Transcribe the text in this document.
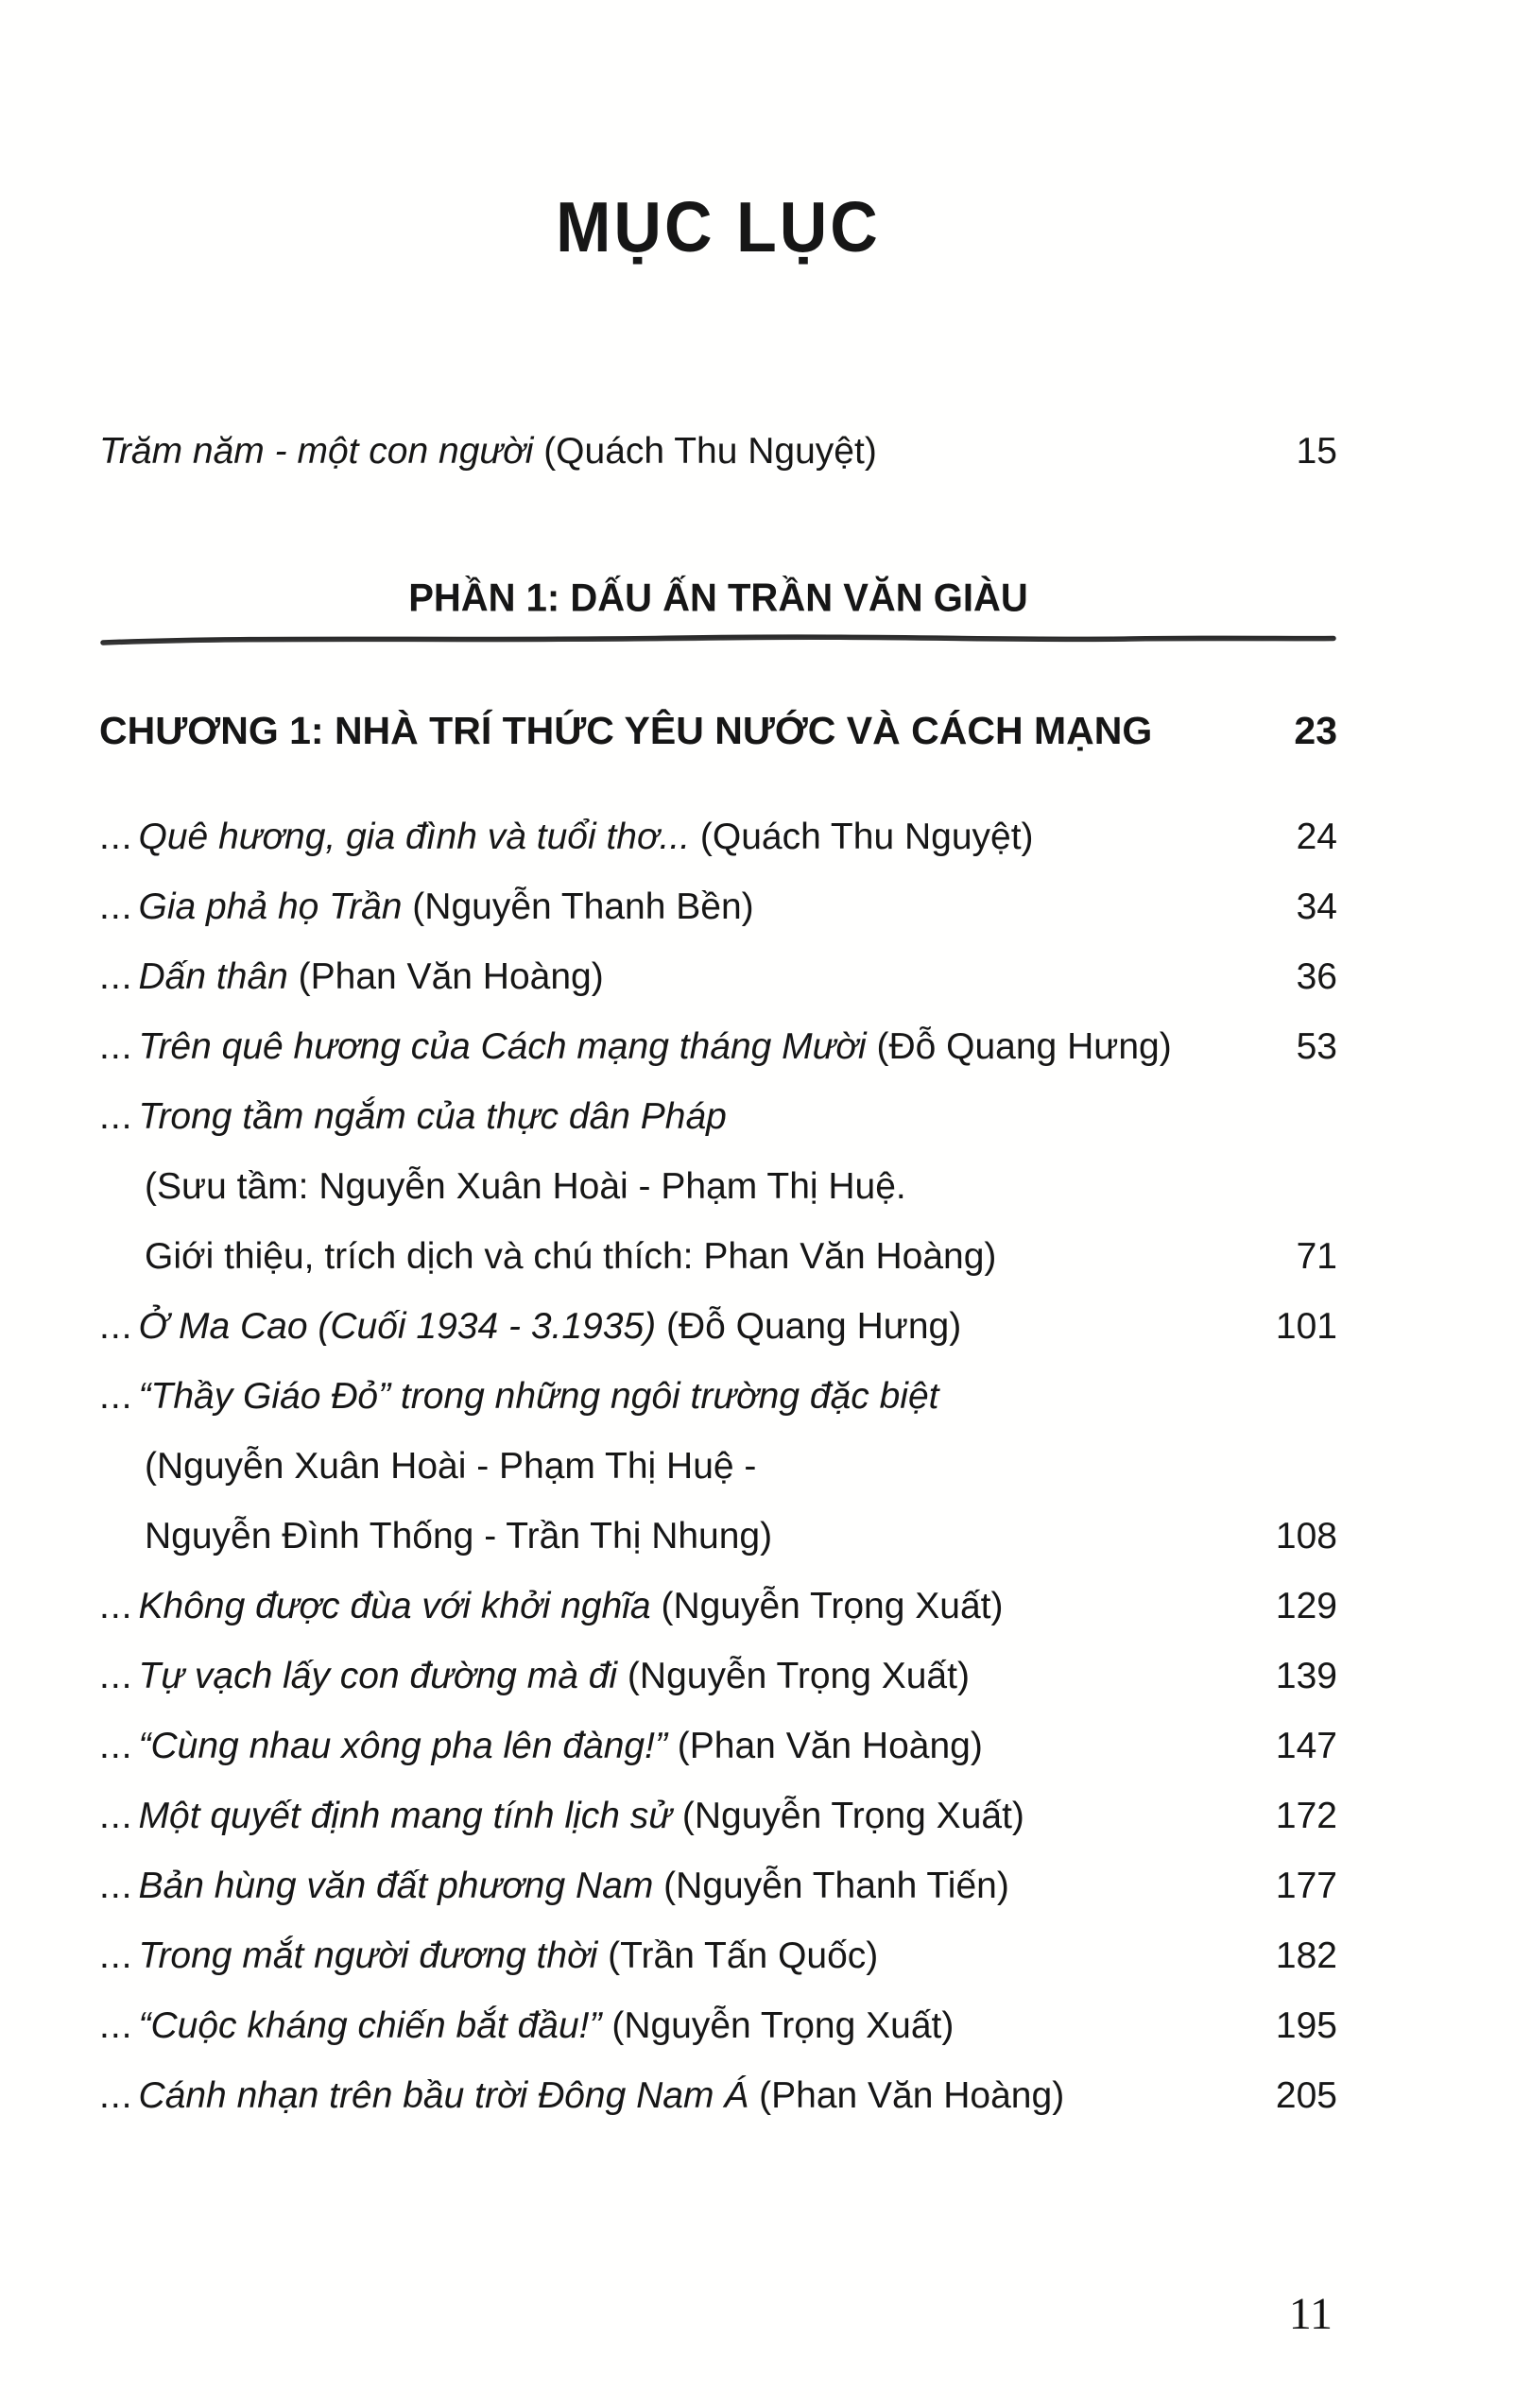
MỤC LỤC
Trăm năm - một con người (Quách Thu Nguyệt)	15
PHẦN 1: DẤU ẤN TRẦN VĂN GIÀU
CHƯƠNG 1: NHÀ TRÍ THỨC YÊU NƯỚC VÀ CÁCH MẠNG	23
... Quê hương, gia đình và tuổi thơ... (Quách Thu Nguyệt)	24
... Gia phả họ Trần (Nguyễn Thanh Bền)	34
... Dấn thân (Phan Văn Hoàng)	36
... Trên quê hương của Cách mạng tháng Mười (Đỗ Quang Hưng)	53
... Trong tầm ngắm của thực dân Pháp
(Sưu tầm: Nguyễn Xuân Hoài - Phạm Thị Huệ.
Giới thiệu, trích dịch và chú thích: Phan Văn Hoàng)	71
... Ở Ma Cao (Cuối 1934 - 3.1935) (Đỗ Quang Hưng)	101
... “Thầy Giáo Đỏ” trong những ngôi trường đặc biệt
(Nguyễn Xuân Hoài - Phạm Thị Huệ -
Nguyễn Đình Thống - Trần Thị Nhung)	108
... Không được đùa với khởi nghĩa (Nguyễn Trọng Xuất)	129
... Tự vạch lấy con đường mà đi (Nguyễn Trọng Xuất)	139
... “Cùng nhau xông pha lên đàng!” (Phan Văn Hoàng)	147
... Một quyết định mang tính lịch sử (Nguyễn Trọng Xuất)	172
... Bản hùng văn đất phương Nam (Nguyễn Thanh Tiến)	177
... Trong mắt người đương thời (Trần Tấn Quốc)	182
... “Cuộc kháng chiến bắt đầu!” (Nguyễn Trọng Xuất)	195
... Cánh nhạn trên bầu trời Đông Nam Á (Phan Văn Hoàng)	205
11
